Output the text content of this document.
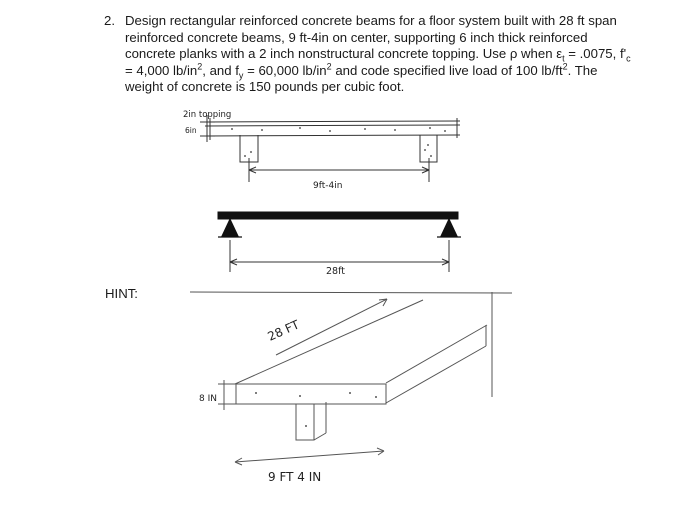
2. Design rectangular reinforced concrete beams for a floor system built with 28 ft span
reinforced concrete beams, 9 ft-4in on center, supporting 6 inch thick reinforced
concrete planks with a 2 inch nonstructural concrete topping. Use ρ when $\varepsilon_t = .0075$, $f'_c$
= 4,000 $lb/in^2$, and $f_y = 60,000$ $lb/in^2$ and code specified live load of 100 $lb/ft^2$. The
weight of concrete is 150 pounds per cubic foot.
HINT:
2in topping
6in
9ft-4in
28ft
28 FT
8 IN
9 FT 4 IN
